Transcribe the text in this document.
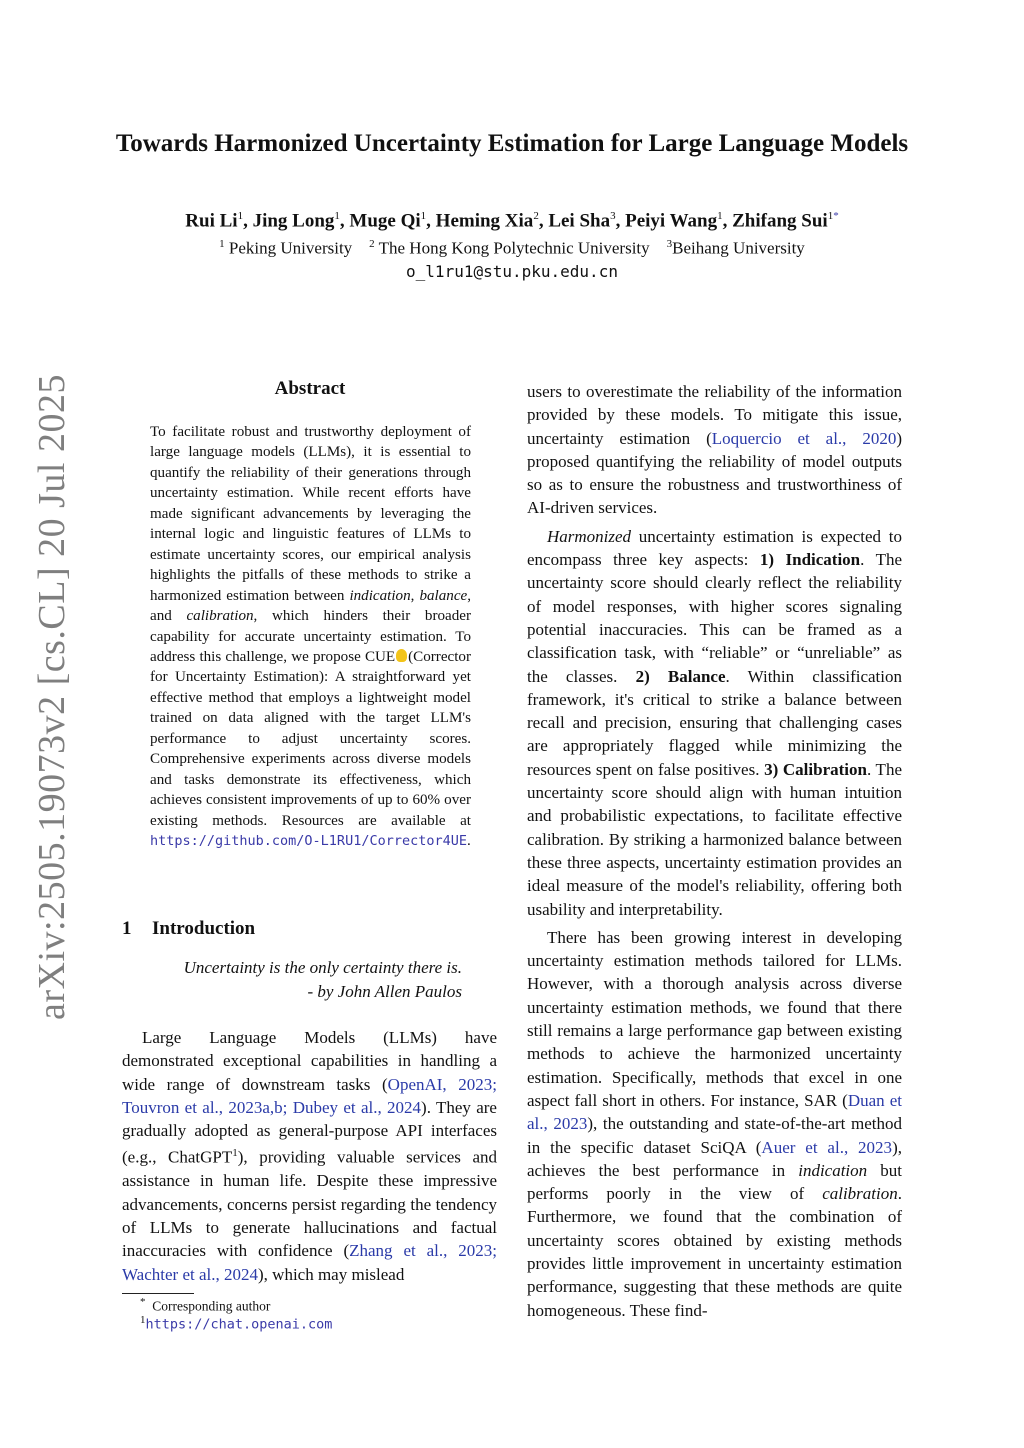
arXiv:2505.19073v2 [cs.CL] 20 Jul 2025
Towards Harmonized Uncertainty Estimation for Large Language Models
Rui Li$^1$, Jing Long$^1$, Muge Qi$^1$, Heming Xia$^2$, Lei Sha$^3$, Peiyi Wang$^1$, Zhifang Sui$^{1*}$
$^1$ Peking University $^2$ The Hong Kong Polytechnic University $^3$Beihang University
o_l1ru1@stu.pku.edu.cn
Abstract
To facilitate robust and trustworthy deployment of large language models (LLMs), it is essential to quantify the reliability of their generations through uncertainty estimation. While recent efforts have made significant advancements by leveraging the internal logic and linguistic features of LLMs to estimate uncertainty scores, our empirical analysis highlights the pitfalls of these methods to strike a harmonized estimation between indication, balance, and calibration, which hinders their broader capability for accurate uncertainty estimation. To address this challenge, we propose CUE (Corrector for Uncertainty Estimation): A straightforward yet effective method that employs a lightweight model trained on data aligned with the target LLM's performance to adjust uncertainty scores. Comprehensive experiments across diverse models and tasks demonstrate its effectiveness, which achieves consistent improvements of up to 60% over existing methods. Resources are available at https://github.com/O-L1RU1/Corrector4UE.
1 Introduction
Uncertainty is the only certainty there is.
- by John Allen Paulos
Large Language Models (LLMs) have demonstrated exceptional capabilities in handling a wide range of downstream tasks (OpenAI, 2023; Touvron et al., 2023a,b; Dubey et al., 2024). They are gradually adopted as general-purpose API interfaces (e.g., ChatGPT$^1$), providing valuable services and assistance in human life. Despite these impressive advancements, concerns persist regarding the tendency of LLMs to generate hallucinations and factual inaccuracies with confidence (Zhang et al., 2023; Wachter et al., 2024), which may mislead
* Corresponding author
$^1$https://chat.openai.com

users to overestimate the reliability of the information provided by these models. To mitigate this issue, uncertainty estimation (Loquercio et al., 2020) proposed quantifying the reliability of model outputs so as to ensure the robustness and trustworthiness of AI-driven services.

Harmonized uncertainty estimation is expected to encompass three key aspects: 1) Indication. The uncertainty score should clearly reflect the reliability of model responses, with higher scores signaling potential inaccuracies. This can be framed as a classification task, with “reliable” or “unreliable” as the classes. 2) Balance. Within classification framework, it's critical to strike a balance between recall and precision, ensuring that challenging cases are appropriately flagged while minimizing the resources spent on false positives. 3) Calibration. The uncertainty score should align with human intuition and probabilistic expectations, to facilitate effective calibration. By striking a harmonized balance between these three aspects, uncertainty estimation provides an ideal measure of the model's reliability, offering both usability and interpretability.

There has been growing interest in developing uncertainty estimation methods tailored for LLMs. However, with a thorough analysis across diverse uncertainty estimation methods, we found that there still remains a large performance gap between existing methods to achieve the harmonized uncertainty estimation. Specifically, methods that excel in one aspect fall short in others. For instance, SAR (Duan et al., 2023), the outstanding and state-of-the-art method in the specific dataset SciQA (Auer et al., 2023), achieves the best performance in indication but performs poorly in the view of calibration. Furthermore, we found that the combination of uncertainty scores obtained by existing methods provides little improvement in uncertainty estimation performance, suggesting that these methods are quite homogeneous. These find-
